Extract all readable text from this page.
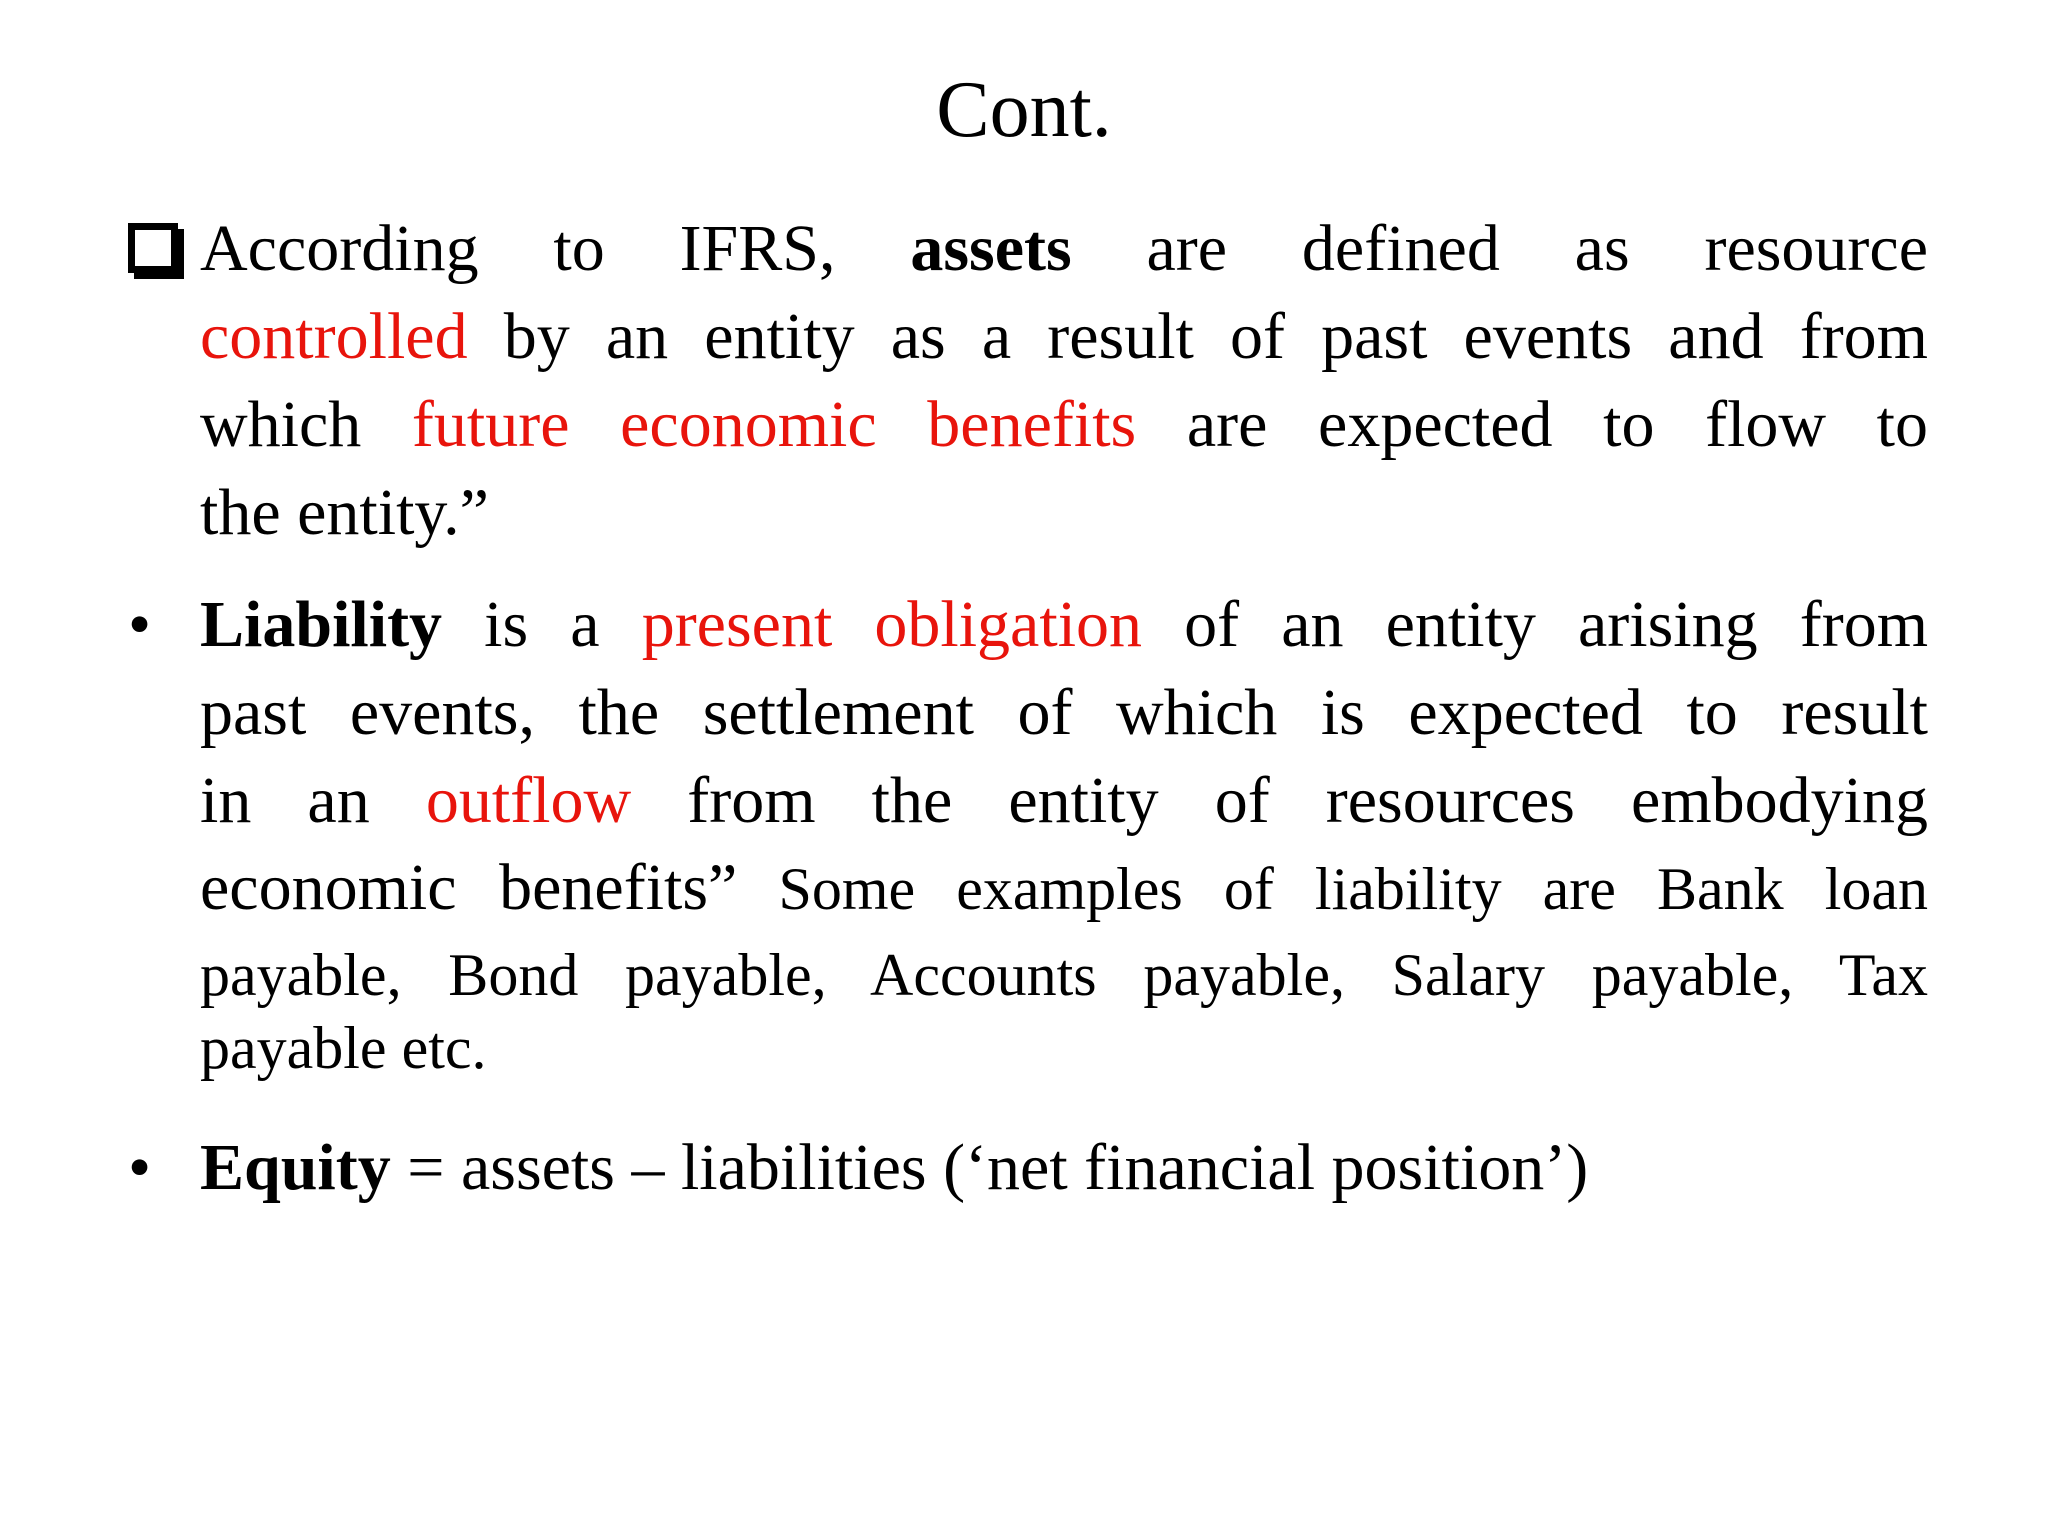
Cont.
According to IFRS, assets are defined as resource
controlled by an entity as a result of past events and from
which future economic benefits are expected to flow to
the entity.”
• Liability is a present obligation of an entity arising from
past events, the settlement of which is expected to result
in an outflow from the entity of resources embodying
economic benefits” Some examples of liability are Bank loan
payable, Bond payable, Accounts payable, Salary payable, Tax
payable etc.
• Equity = assets – liabilities (‘net financial position’)
